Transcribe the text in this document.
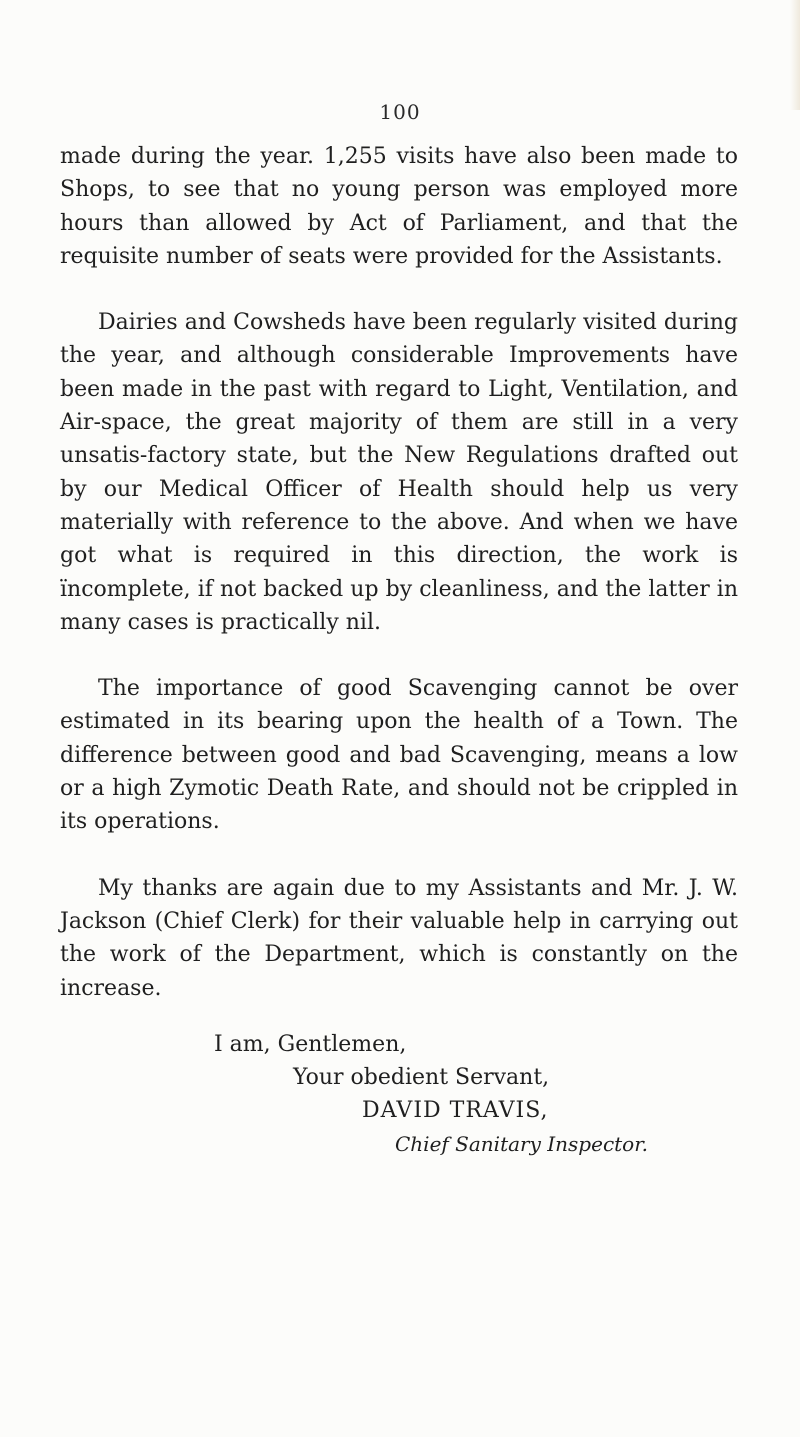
100

made during the year. 1,255 visits have also been made to Shops, to see that no young person was employed more hours than allowed by Act of Parliament, and that the requisite number of seats were provided for the Assistants.

Dairies and Cowsheds have been regularly visited during the year, and although considerable Improvements have been made in the past with regard to Light, Ventilation, and Air-space, the great majority of them are still in a very unsatis-factory state, but the New Regulations drafted out by our Medical Officer of Health should help us very materially with reference to the above. And when we have got what is required in this direction, the work is ïncomplete, if not backed up by cleanliness, and the latter in many cases is practically nil.

The importance of good Scavenging cannot be over estimated in its bearing upon the health of a Town. The difference between good and bad Scavenging, means a low or a high Zymotic Death Rate, and should not be crippled in its operations.

My thanks are again due to my Assistants and Mr. J. W. Jackson (Chief Clerk) for their valuable help in carrying out the work of the Department, which is constantly on the increase.

I am, Gentlemen,
Your obedient Servant,
DAVID TRAVIS,
Chief Sanitary Inspector.
